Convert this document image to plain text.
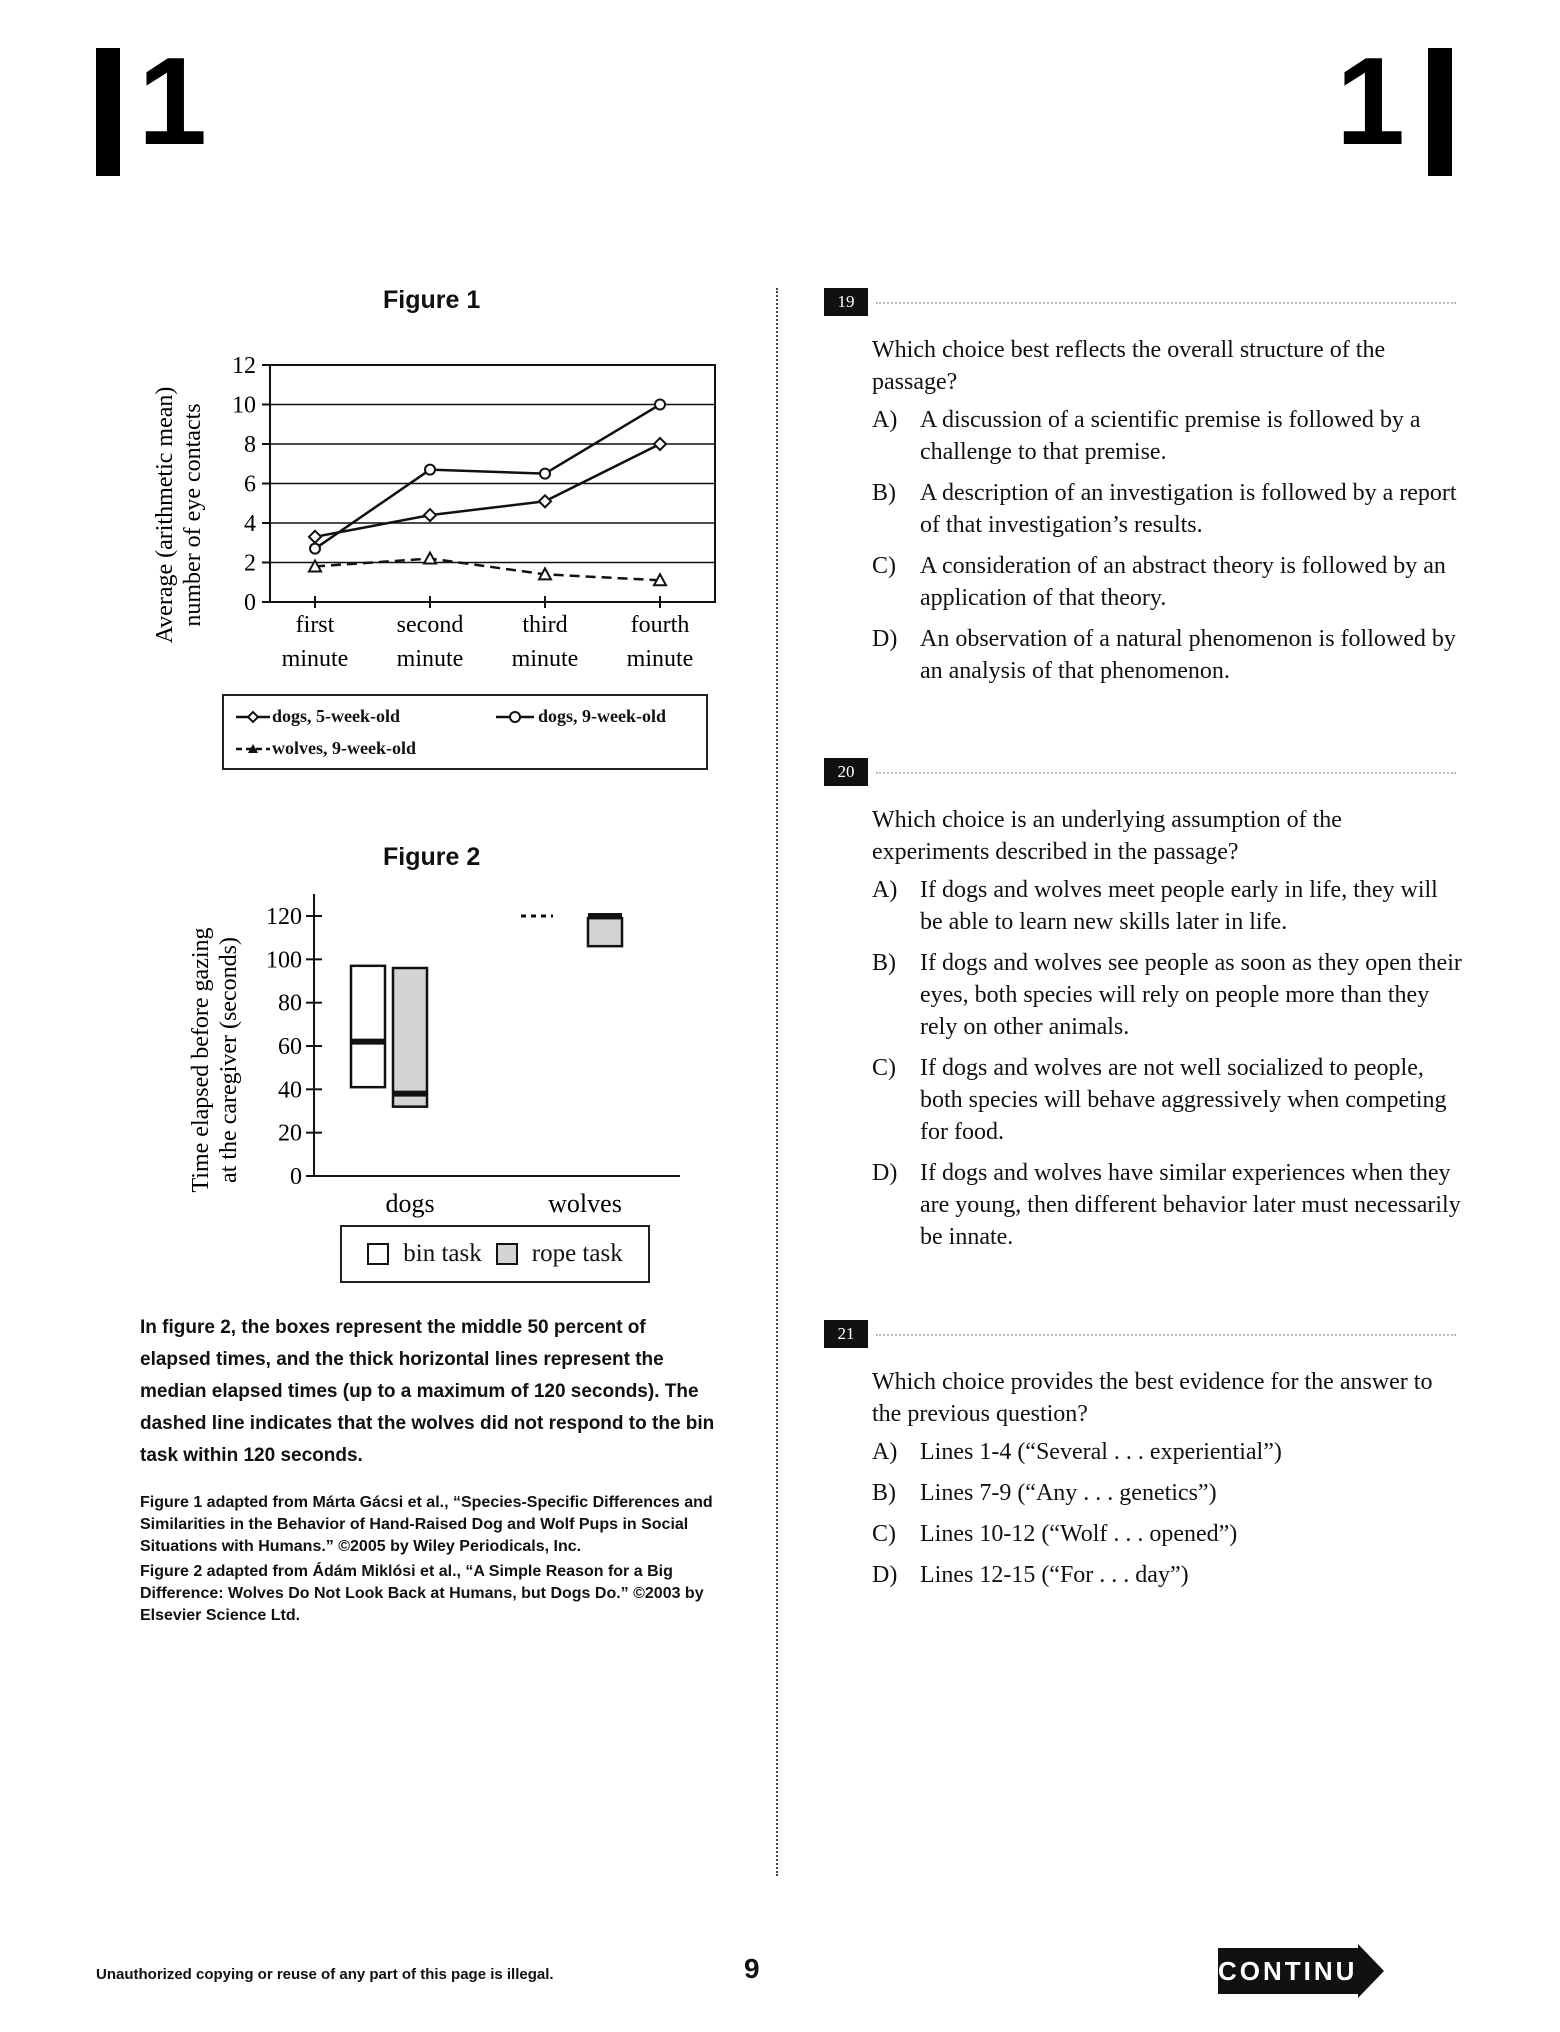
1	1
Figure 1
Average (arithmetic mean) number of eye contacts 0
2
4
6
8
10
12
first
minute
second
minute
third
minute
fourth
minute
dogs, 5-week-old	dogs, 9-week-old
wolves, 9-week-old
Figure 2
Time elapsed before gazing at the caregiver (seconds) 0
20
40
60
80
100
120
dogs	wolves
bin task rope task
In figure 2, the boxes represent the middle 50 percent of elapsed times, and the thick horizontal lines represent the median elapsed times (up to a maximum of 120 seconds). The dashed line indicates that the wolves did not respond to the bin task within 120 seconds.

Figure 1 adapted from Márta Gácsi et al., “Species-Specific Differences and Similarities in the Behavior of Hand-Raised Dog and Wolf Pups in Social Situations with Humans.” ©2005 by Wiley Periodicals, Inc.

Figure 2 adapted from Ádám Miklósi et al., “A Simple Reason for a Big Difference: Wolves Do Not Look Back at Humans, but Dogs Do.” ©2003 by Elsevier Science Ltd.

19
Which choice best reflects the overall structure of the passage?
A) A discussion of a scientific premise is followed by a challenge to that premise.
B)	A description of an investigation is followed by a report of that investigation’s results.
C)	A consideration of an abstract theory is followed by an application of that theory.
D) An observation of a natural phenomenon is followed by an analysis of that phenomenon.
20
Which choice is an underlying assumption of the experiments described in the passage?
A) If dogs and wolves meet people early in life, they will be able to learn new skills later in life.
B)	If dogs and wolves see people as soon as they open their eyes, both species will rely on people more than they rely on other animals.
C)	If dogs and wolves are not well socialized to people, both species will behave aggressively when competing for food.
D) If dogs and wolves have similar experiences when they are young, then different behavior later must necessarily be innate.
21
Which choice provides the best evidence for the answer to the previous question?
A) Lines 1-4 (“Several . . . experiential”)
B)	Lines 7-9 (“Any . . . genetics”)
C)	Lines 10-12 (“Wolf . . . opened”)
D) Lines 12-15 (“For . . . day”)
Unauthorized copying or reuse of any part of this page is illegal.	9	CONTINUE
